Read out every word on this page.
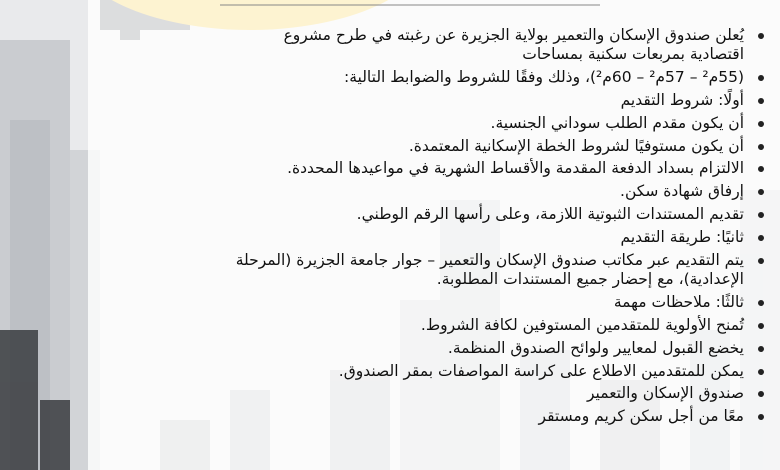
يُعلن صندوق الإسكان والتعمير بولاية الجزيرة عن رغبته في طرح مشروع
اقتصادية بمربعات سكنية بمساحات
(55م² – 57م² – 60م²)، وذلك وفقًا للشروط والضوابط التالية:
أولًا: شروط التقديم
أن يكون مقدم الطلب سوداني الجنسية.
أن يكون مستوفيًا لشروط الخطة الإسكانية المعتمدة.
الالتزام بسداد الدفعة المقدمة والأقساط الشهرية في مواعيدها المحددة.
إرفاق شهادة سكن.
تقديم المستندات الثبوتية اللازمة، وعلى رأسها الرقم الوطني.
ثانيًا: طريقة التقديم
يتم التقديم عبر مكاتب صندوق الإسكان والتعمير – جوار جامعة الجزيرة (المرحلة
الإعدادية)، مع إحضار جميع المستندات المطلوبة.
ثالثًا: ملاحظات مهمة
تُمنح الأولوية للمتقدمين المستوفين لكافة الشروط.
يخضع القبول لمعايير ولوائح الصندوق المنظمة.
يمكن للمتقدمين الاطلاع على كراسة المواصفات بمقر الصندوق.
صندوق الإسكان والتعمير
معًا من أجل سكن كريم ومستقر
